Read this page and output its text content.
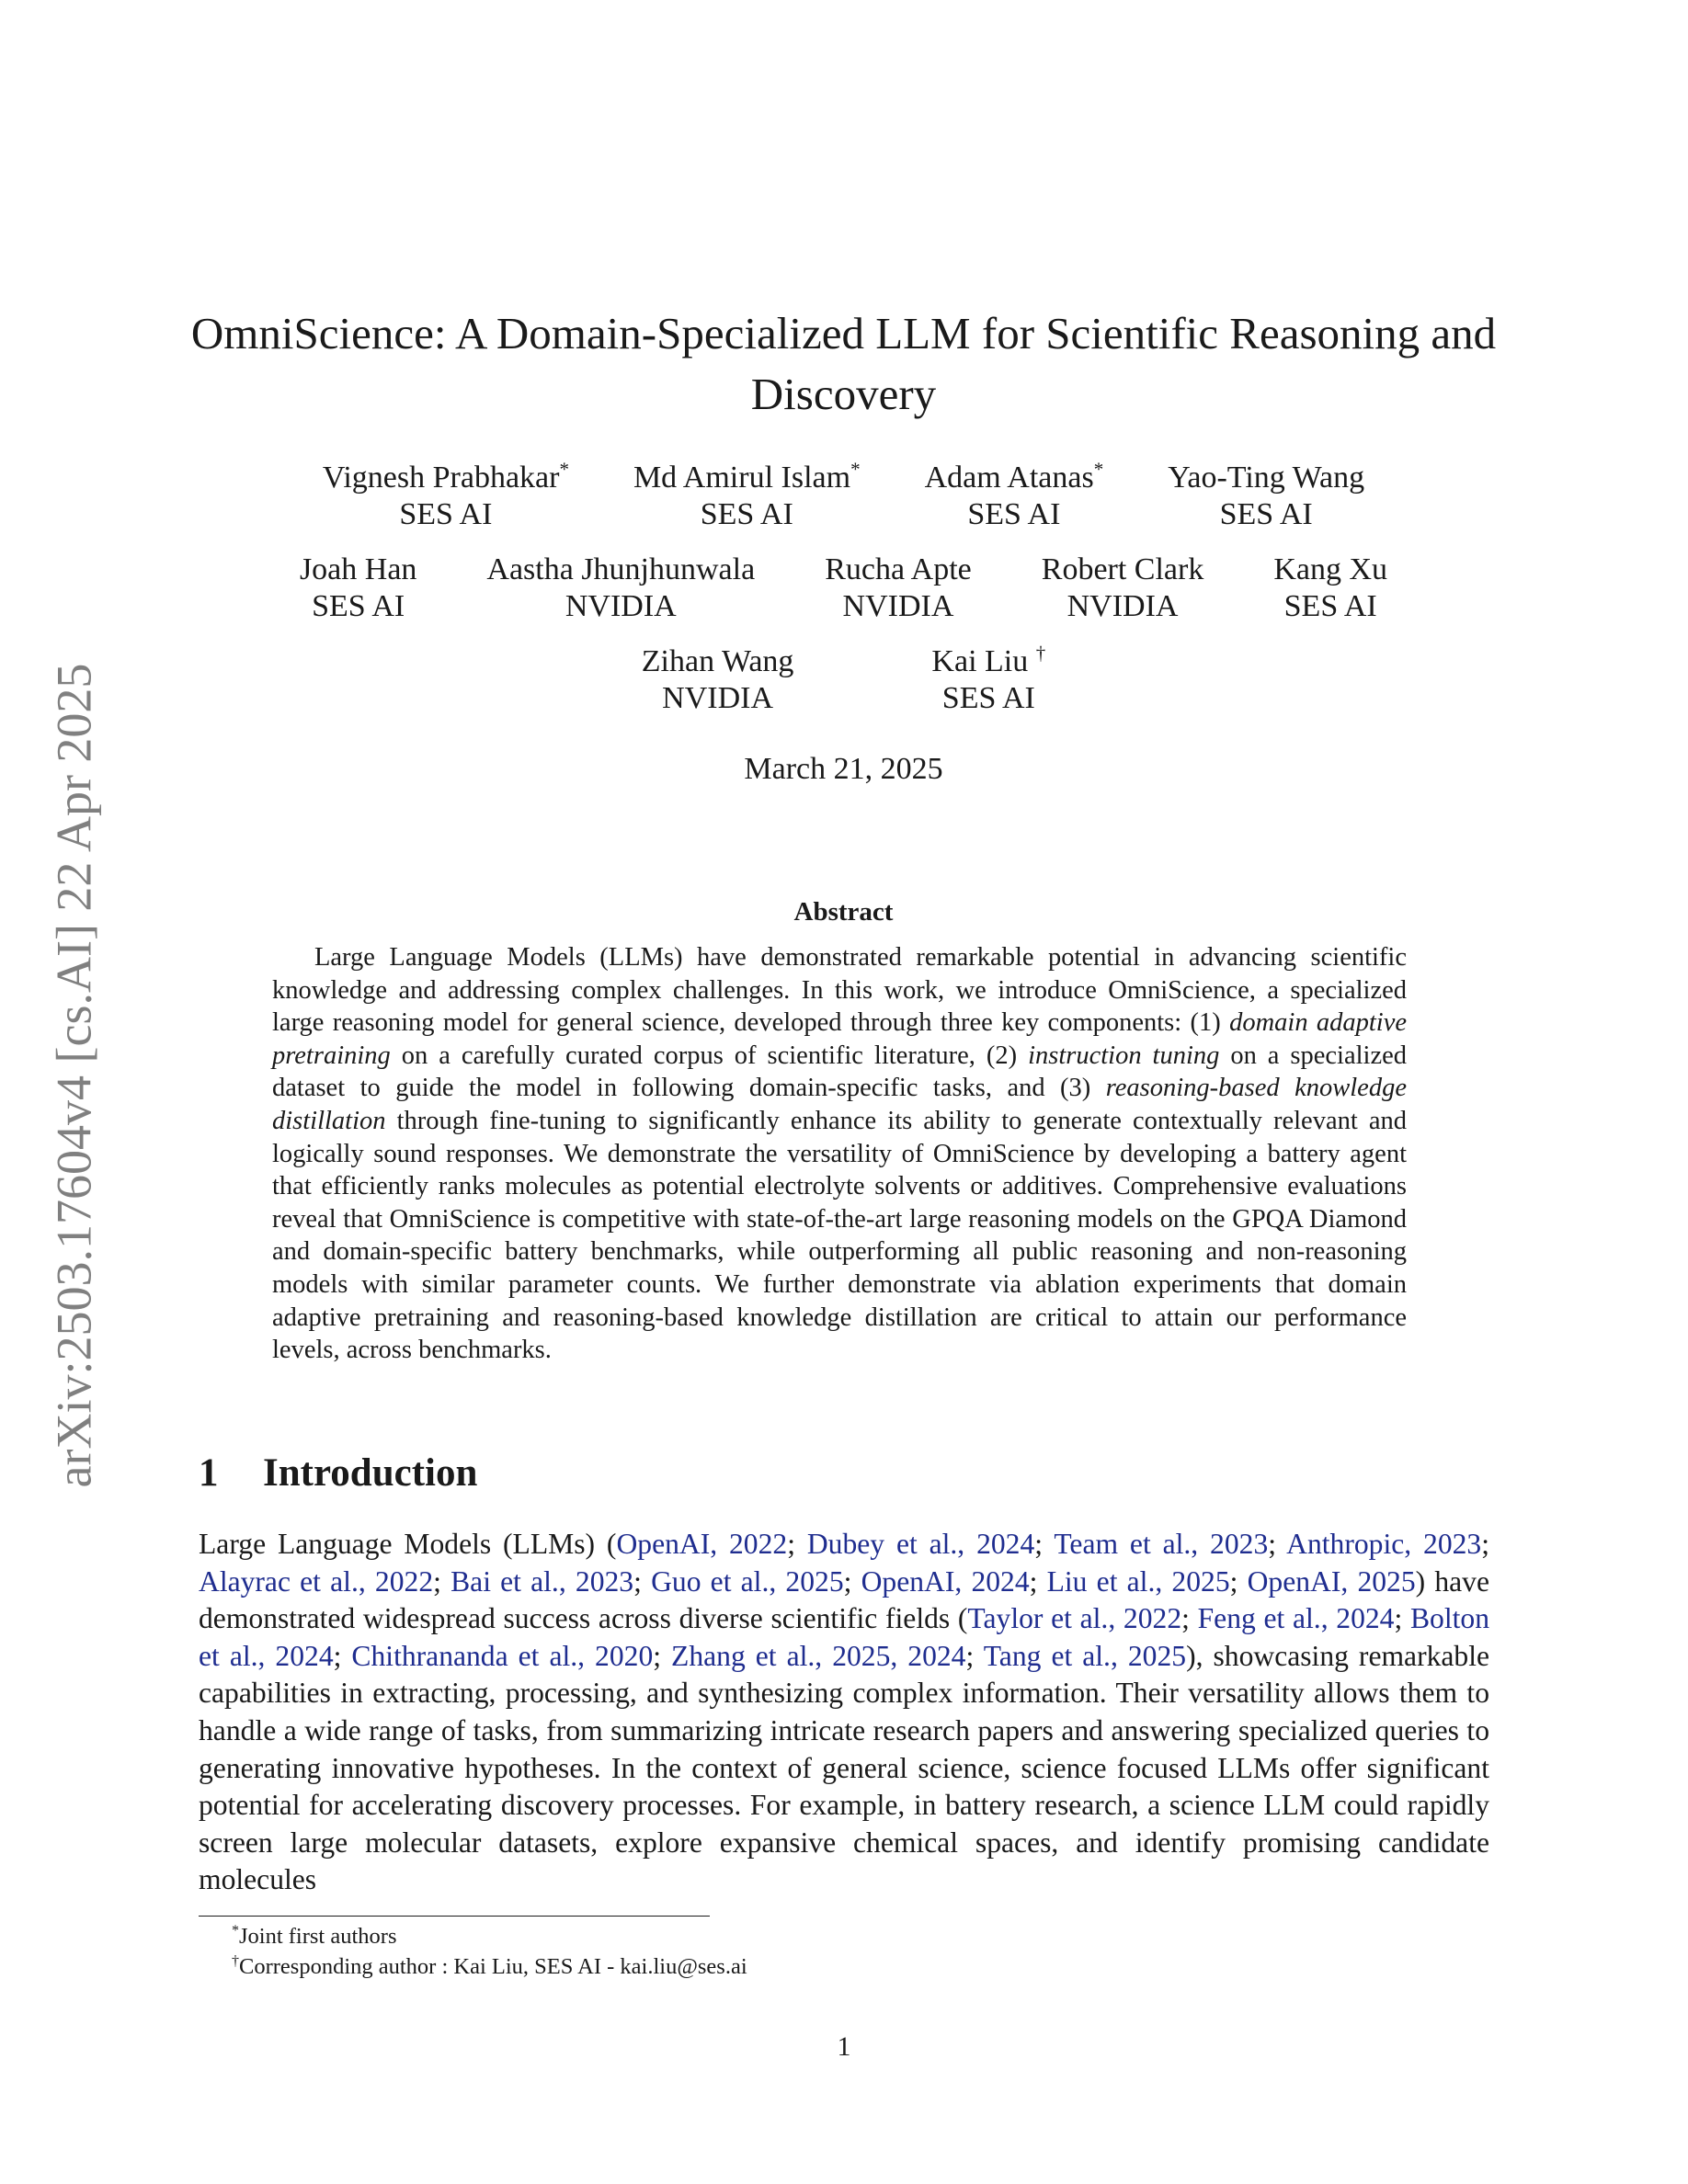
arXiv:2503.17604v4 [cs.AI] 22 Apr 2025
OmniScience: A Domain-Specialized LLM for Scientific Reasoning and Discovery
Vignesh Prabhakar*
SES AI
Md Amirul Islam*
SES AI
Adam Atanas*
SES AI
Yao-Ting Wang
SES AI
Joah Han
SES AI
Aastha Jhunjhunwala
NVIDIA
Rucha Apte
NVIDIA
Robert Clark
NVIDIA
Kang Xu
SES AI
Zihan Wang
NVIDIA
Kai Liu †
SES AI
March 21, 2025
Abstract

Large Language Models (LLMs) have demonstrated remarkable potential in advancing scientific knowledge and addressing complex challenges. In this work, we introduce OmniScience, a specialized large reasoning model for general science, developed through three key components: (1) domain adaptive pretraining on a carefully curated corpus of scientific literature, (2) instruction tuning on a specialized dataset to guide the model in following domain-specific tasks, and (3) reasoning-based knowledge distillation through fine-tuning to significantly enhance its ability to generate contextually relevant and logically sound responses. We demonstrate the versatility of OmniScience by developing a battery agent that efficiently ranks molecules as potential electrolyte solvents or additives. Comprehensive evaluations reveal that OmniScience is competitive with state-of-the-art large reasoning models on the GPQA Diamond and domain-specific battery benchmarks, while outperforming all public reasoning and non-reasoning models with similar parameter counts. We further demonstrate via ablation experiments that domain adaptive pretraining and reasoning-based knowledge distillation are critical to attain our performance levels, across benchmarks.

1 Introduction

Large Language Models (LLMs) (OpenAI, 2022; Dubey et al., 2024; Team et al., 2023; Anthropic, 2023; Alayrac et al., 2022; Bai et al., 2023; Guo et al., 2025; OpenAI, 2024; Liu et al., 2025; OpenAI, 2025) have demonstrated widespread success across diverse scientific fields (Taylor et al., 2022; Feng et al., 2024; Bolton et al., 2024; Chithrananda et al., 2020; Zhang et al., 2025, 2024; Tang et al., 2025), showcasing remarkable capabilities in extracting, processing, and synthesizing complex information. Their versatility allows them to handle a wide range of tasks, from summarizing intricate research papers and answering specialized queries to generating innovative hypotheses. In the context of general science, science focused LLMs offer significant potential for accelerating discovery processes. For example, in battery research, a science LLM could rapidly screen large molecular datasets, explore expansive chemical spaces, and identify promising candidate molecules

*Joint first authors
†Corresponding author : Kai Liu, SES AI - kai.liu@ses.ai
1
